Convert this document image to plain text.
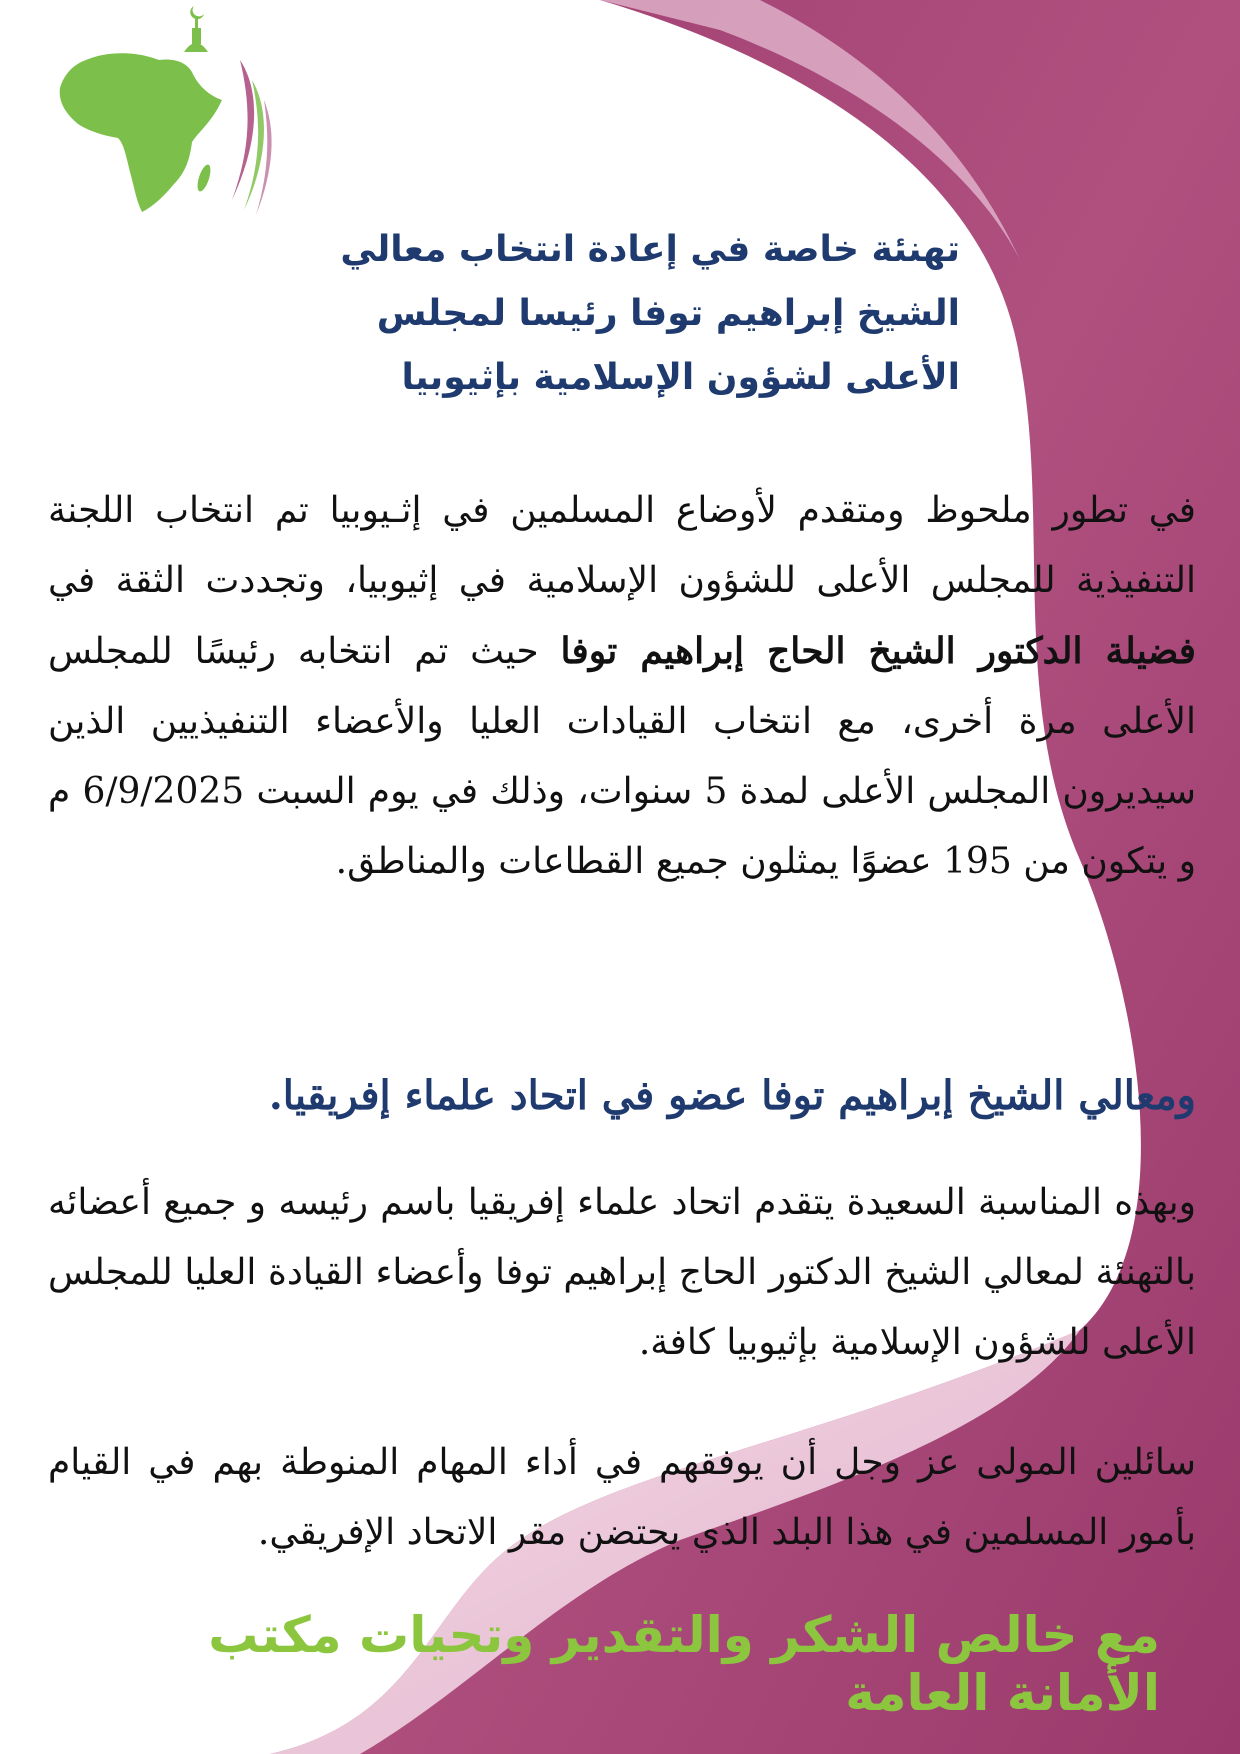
تهنئة خاصة في إعادة انتخاب معالي الشيخ إبراهيم توفا رئيسا لمجلس الأعلى لشؤون الإسلامية بإثيوبيا

في تطور ملحوظ ومتقدم لأوضاع المسلمين في إثـيوبيا تم انتخاب اللجنة التنفيذية للمجلس الأعلى للشؤون الإسلامية في إثيوبيا، وتجددت الثقة في فضيلة الدكتور الشيخ الحاج إبراهيم توفا حيث تم انتخابه رئيسًا للمجلس الأعلى مرة أخرى، مع انتخاب القيادات العليا والأعضاء التنفيذيين الذين سيديرون المجلس الأعلى لمدة 5 سنوات، وذلك في يوم السبت 6/9/2025 م و يتكون من 195 عضوًا يمثلون جميع القطاعات والمناطق.

ومعالي الشيخ إبراهيم توفا عضو في اتحاد علماء إفريقيا.

وبهذه المناسبة السعيدة يتقدم اتحاد علماء إفريقيا باسم رئيسه و جميع أعضائه بالتهنئة لمعالي الشيخ الدكتور الحاج إبراهيم توفا وأعضاء القيادة العليا للمجلس الأعلى للشؤون الإسلامية بإثيوبيا كافة.

سائلين المولى عز وجل أن يوفقهم في أداء المهام المنوطة بهم في القيام بأمور المسلمين في هذا البلد الذي يحتضن مقر الاتحاد الإفريقي.

مع خالص الشكر والتقدير وتحيات مكتب الأمانة العامة
